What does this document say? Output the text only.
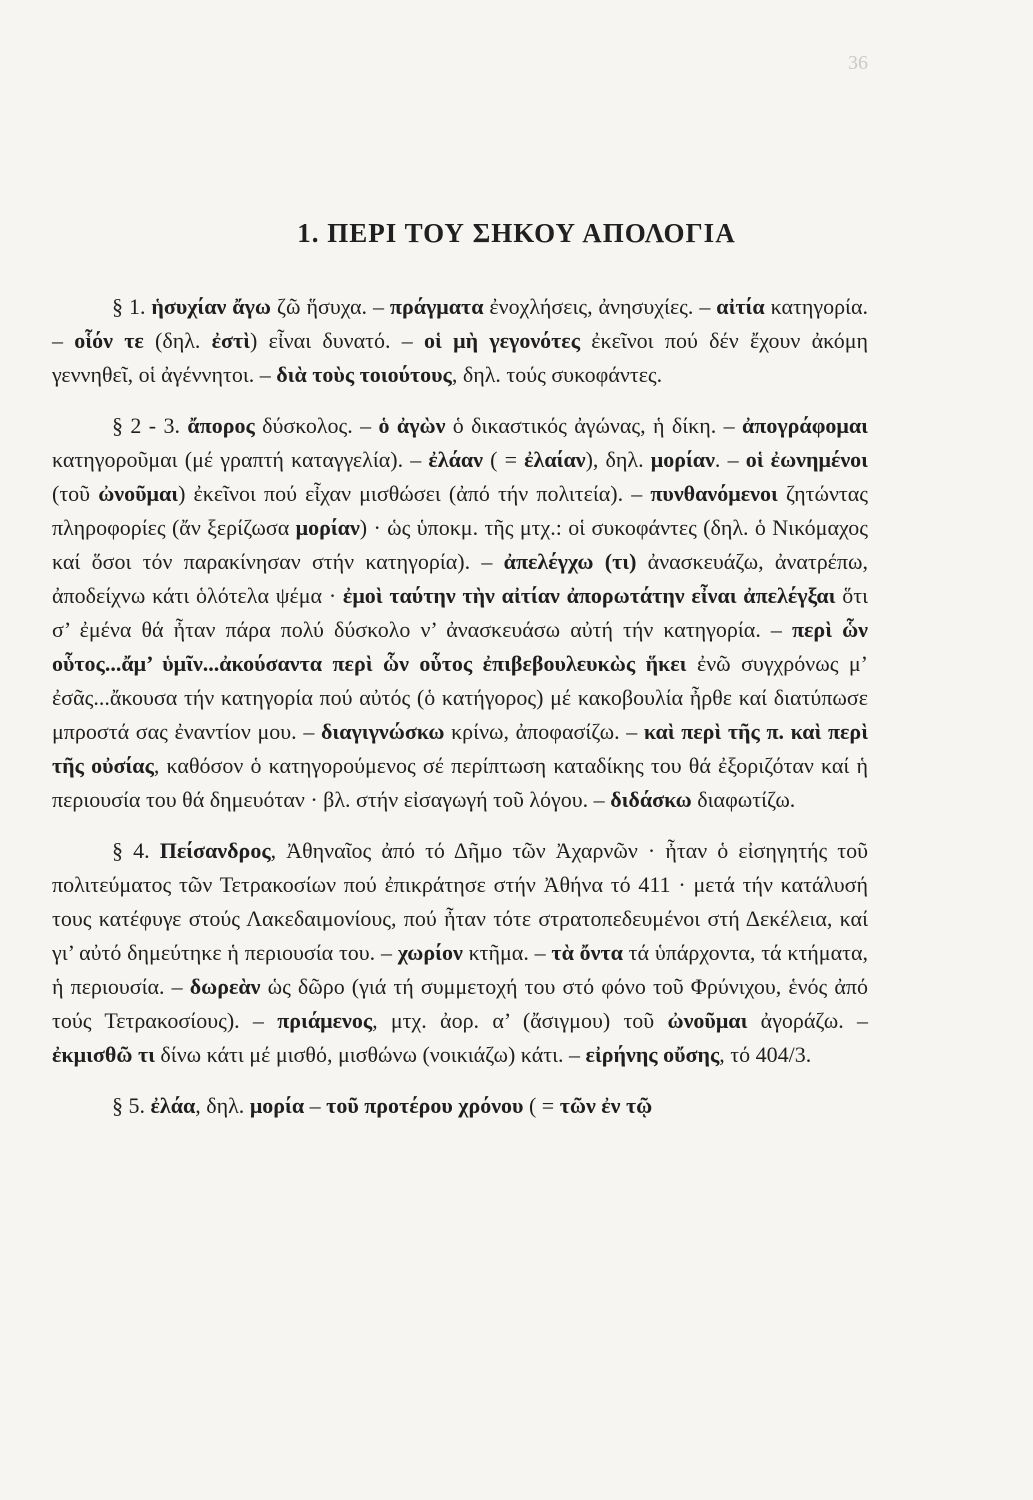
36
1. ΠΕΡΙ ΤΟΥ ΣΗΚΟΥ ΑΠΟΛΟΓΙΑ

§ 1. ἡσυχίαν ἄγω ζῶ ἥσυχα. – πράγματα ἐνοχλήσεις, ἀνησυχίες. – αἰτία κατηγορία. – οἷόν τε (δηλ. ἐστὶ) εἶναι δυνατό. – οἱ μὴ γεγονότες ἐκεῖνοι πού δέν ἔχουν ἀκόμη γεννηθεῖ, οἱ ἀγέννητοι. – διὰ τοὺς τοιούτους, δηλ. τούς συκοφάντες.

§ 2 - 3. ἄπορος δύσκολος. – ὁ ἀγὼν ὁ δικαστικός ἀγώνας, ἡ δίκη. – ἀπογράφομαι κατηγοροῦμαι (μέ γραπτή καταγγελία). – ἐλάαν ( = ἐλαίαν), δηλ. μορίαν. – οἱ ἐωνημένοι (τοῦ ὠνοῦμαι) ἐκεῖνοι πού εἶχαν μισθώσει (ἀπό τήν πολιτεία). – πυνθανόμενοι ζητώντας πληροφορίες (ἄν ξερίζωσα μορίαν) · ὡς ὑποκμ. τῆς μτχ.: οἱ συκοφάντες (δηλ. ὁ Νικόμαχος καί ὅσοι τόν παρακίνησαν στήν κατηγορία). – ἀπελέγχω (τι) ἀνασκευάζω, ἀνατρέπω, ἀποδείχνω κάτι ὁλότελα ψέμα · ἐμοὶ ταύτην τὴν αἰτίαν ἀπορωτάτην εἶναι ἀπελέγξαι ὅτι σ’ ἐμένα θά ἦταν πάρα πολύ δύσκολο ν’ ἀνασκευάσω αὐτή τήν κατηγορία. – περὶ ὧν οὗτος...ἄμ’ ὑμῖν...ἀκούσαντα περὶ ὧν οὗτος ἐπιβεβουλευκὼς ἥκει ἐνῶ συγχρόνως μ’ ἐσᾶς...ἄκουσα τήν κατηγορία πού αὐτός (ὁ κατήγορος) μέ κακοβουλία ἦρθε καί διατύπωσε μπροστά σας ἐναντίον μου. – διαγιγνώσκω κρίνω, ἀποφασίζω. – καὶ περὶ τῆς π. καὶ περὶ τῆς οὐσίας, καθόσον ὁ κατηγορούμενος σέ περίπτωση καταδίκης του θά ἐξοριζόταν καί ἡ περιουσία του θά δημευόταν · βλ. στήν εἰσαγωγή τοῦ λόγου. – διδάσκω διαφωτίζω.

§ 4. Πείσανδρος, Ἀθηναῖος ἀπό τό Δῆμο τῶν Ἀχαρνῶν · ἦταν ὁ εἰσηγητής τοῦ πολιτεύματος τῶν Τετρακοσίων πού ἐπικράτησε στήν Ἀθήνα τό 411 · μετά τήν κατάλυσή τους κατέφυγε στούς Λακεδαιμονίους, πού ἦταν τότε στρατοπεδευμένοι στή Δεκέλεια, καί γι’ αὐτό δημεύτηκε ἡ περιουσία του. – χωρίον κτῆμα. – τὰ ὄντα τά ὑπάρχοντα, τά κτήματα, ἡ περιουσία. – δωρεὰν ὡς δῶρο (γιά τή συμμετοχή του στό φόνο τοῦ Φρύνιχου, ἑνός ἀπό τούς Τετρακοσίους). – πριάμενος, μτχ. ἀορ. α’ (ἄσιγμου) τοῦ ὠνοῦμαι ἀγοράζω. – ἐκμισθῶ τι δίνω κάτι μέ μισθό, μισθώνω (νοικιάζω) κάτι. – εἰρήνης οὔσης, τό 404/3.

§ 5. ἐλάα, δηλ. μορία – τοῦ προτέρου χρόνου ( = τῶν ἐν τῷ
